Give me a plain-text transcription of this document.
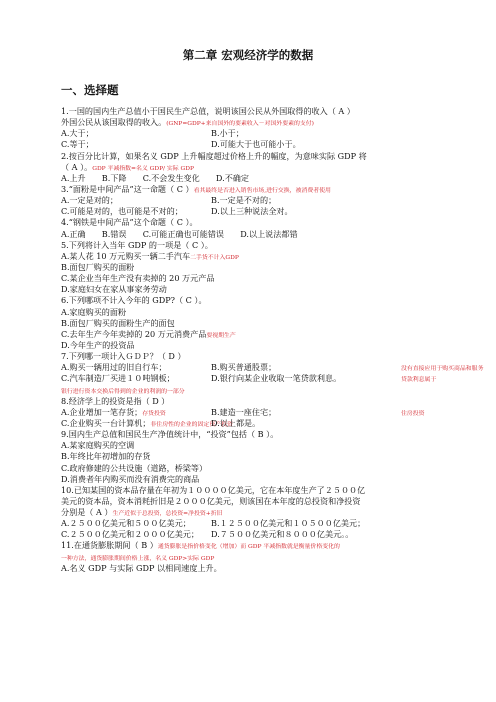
第二章 宏观经济学的数据
一、选择题
1.一国的国内生产总值小于国民生产总值，说明该国公民从外国取得的收入（ A ）
外国公民从该国取得的收入。(GNP=GDP+来自国外的要素收入－对国外要素的支付)
A.大于；	B.小于；
C.等于；	D.可能大于也可能小于。
2.按百分比计算，如果名义 GDP 上升幅度超过价格上升的幅度，为意味实际 GDP 将
（ A ）。GDP 平减指数=名义 GDP/ 实际 GDP
A.上升　　B.下降　　C.不会发生变化　　D.不确定
3.“面粉是中间产品”这一命题（ C ）看其最终是否进入销售市场,进行交换，被消费者使用
A.一定是对的；	B.一定是不对的；
C.可能是对的，也可能是不对的；	D.以上三种说法全对。
4.“钢铁是中间产品”这个命题（ C ）。
A.正确　　B.错误　　C.可能正确也可能错误　　D.以上说法都错
5.下列将计入当年 GDP 的一项是（ C ）。
A.某人花 10 万元购买一辆二手汽车二手货不计入GDP
B.面包厂购买的面粉
C.某企业当年生产没有卖掉的 20 万元产品
D.家庭妇女在家从事家务劳动
6.下列哪项不计入今年的 GDP?（ C ）。
A.家庭购买的面粉
B.面包厂购买的面粉生产的面包
C.去年生产今年卖掉的 20 万元消费产品要视期生产
D.今年生产的投资品
7.下列哪一项计入ＧＤＰ？（ D ）
A.购买一辆用过的旧自行车；	B.购买普通股票；	没有直接应用于购买商品和服务
C.汽车制造厂买进１０吨钢板；	D.银行向某企业收取一笔贷款利息。	贷款利息属于
银行进行资本交换后得到的企业的利润的一部分
8.经济学上的投资是指（ D ）
A.企业增加一笔存货；存货投资	B.建造一座住宅；	住房投资
C.企业购买一台计算机；非住房性的企业的固定资产投资D.以上都是。
9.国内生产总值和国民生产净值统计中，“投资”包括（ B ）。
A.某家庭购买的空调
B.年终比年初增加的存货
C.政府修建的公共设施（道路，桥梁等）
D.消费者年内购买而没有消费完的商品
10.已知某国的资本品存量在年初为１００００亿美元，它在本年度生产了２５００亿
美元的资本品，资本消耗折旧是２０００亿美元，则该国在本年度的总投资和净投资
分别是（ A ）生产近似于总投资，总投资=净投资+折旧
A.２５００亿美元和５００亿美元； B.１２５００亿美元和１０５００亿美元；
C.２５００亿美元和２０００亿美元； D.７５００亿美元和８０００亿美元。。
11.在通货膨胀期间（ B ）通货膨胀是指价格变化（增加）而 GDP 平减指数就是衡量价格变化的
一种方法，通货膨胀期间价格上涨，名义 GDP>实际 GDP
A.名义 GDP 与实际 GDP 以相同速度上升。
